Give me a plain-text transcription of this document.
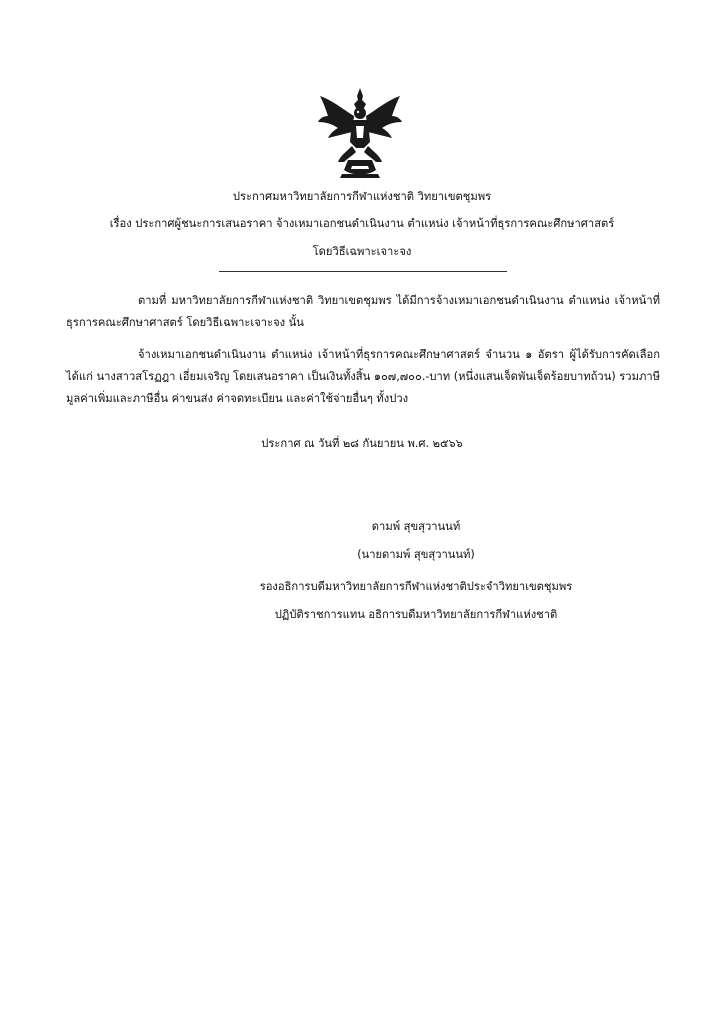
ประกาศมหาวิทยาลัยการกีฬาแห่งชาติ วิทยาเขตชุมพร
เรื่อง ประกาศผู้ชนะการเสนอราคา จ้างเหมาเอกชนดำเนินงาน ตำแหน่ง เจ้าหน้าที่ธุรการคณะศึกษาศาสตร์
โดยวิธีเฉพาะเจาะจง
ตามที่ มหาวิทยาลัยการกีฬาแห่งชาติ วิทยาเขตชุมพร ได้มีการจ้างเหมาเอกชนดำเนินงาน ตำแหน่ง เจ้าหน้าที่ธุรการคณะศึกษาศาสตร์ โดยวิธีเฉพาะเจาะจง นั้น
จ้างเหมาเอกชนดำเนินงาน ตำแหน่ง เจ้าหน้าที่ธุรการคณะศึกษาศาสตร์ จำนวน ๑ อัตรา ผู้ได้รับการคัดเลือก ได้แก่ นางสาวสโรฏฎา เอี่ยมเจริญ โดยเสนอราคา เป็นเงินทั้งสิ้น ๑๐๗,๗๐๐.-บาท (หนึ่งแสนเจ็ดพันเจ็ดร้อยบาทถ้วน) รวมภาษีมูลค่าเพิ่มและภาษีอื่น ค่าขนส่ง ค่าจดทะเบียน และค่าใช้จ่ายอื่นๆ ทั้งปวง
ประกาศ ณ วันที่ ๒๘ กันยายน พ.ศ. ๒๕๖๖
ดามพ์ สุขสุวานนท์
(นายดามพ์ สุขสุวานนท์)
รองอธิการบดีมหาวิทยาลัยการกีฬาแห่งชาติประจำวิทยาเขตชุมพร
ปฏิบัติราชการแทน อธิการบดีมหาวิทยาลัยการกีฬาแห่งชาติ
